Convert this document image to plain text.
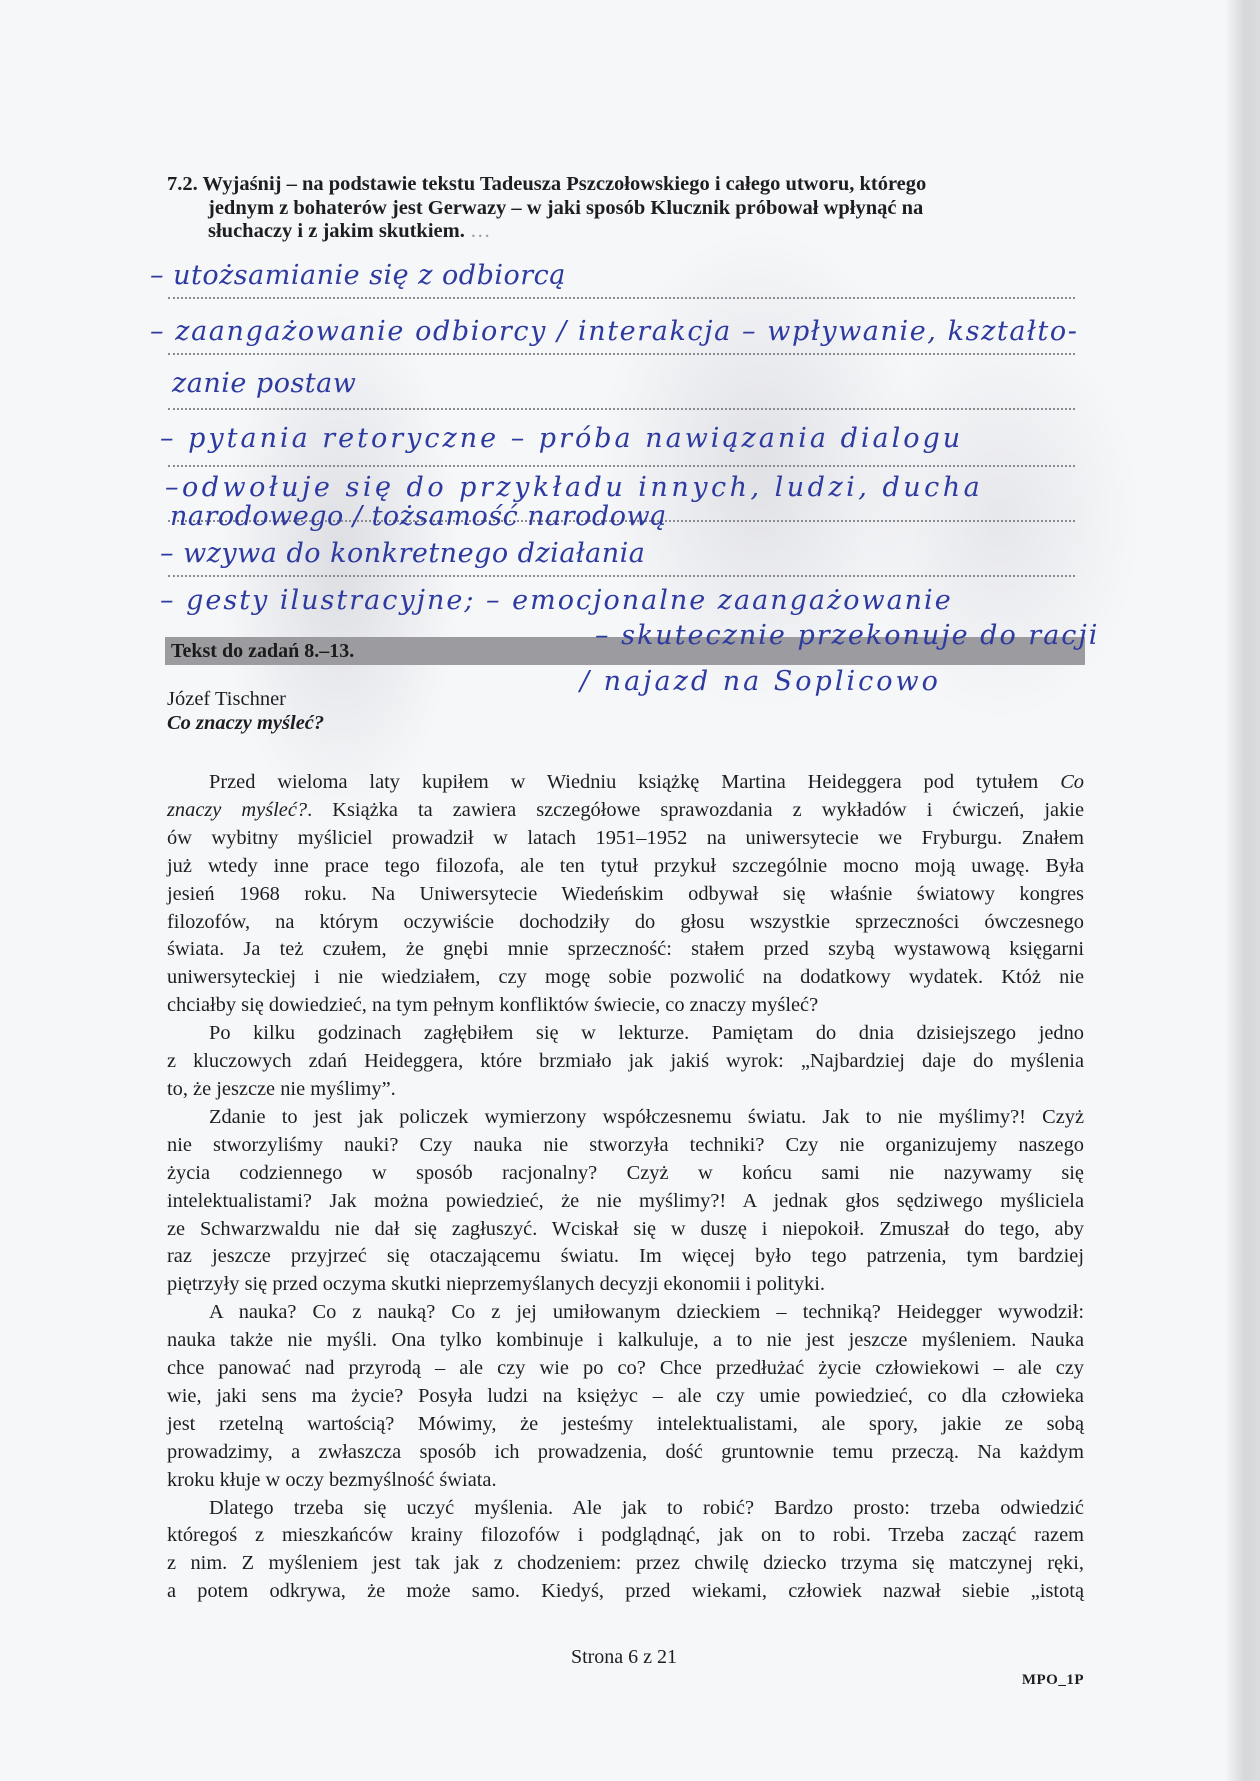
7.2. Wyjaśnij – na podstawie tekstu Tadeusza Pszczołowskiego i całego utworu, którego
jednym z bohaterów jest Gerwazy – w jaki sposób Klucznik próbował wpłynąć na
słuchaczy i z jakim skutkiem. …
– utożsamianie się z odbiorcą
– zaangażowanie odbiorcy / interakcja – wpływanie, kształto-
zanie postaw
– pytania retoryczne – próba nawiązania dialogu
–odwołuje się do przykładu innych, ludzi, ducha
narodowego / tożsamość narodową
– wzywa do konkretnego działania
– gesty ilustracyjne; – emocjonalne zaangażowanie
– skutecznie przekonuje do racji
/ najazd na Soplicowo
Tekst do zadań 8.–13.
Józef Tischner
Co znaczy myśleć?
Przed wieloma laty kupiłem w Wiedniu książkę Martina Heideggera pod tytułem Co
znaczy myśleć?. Książka ta zawiera szczegółowe sprawozdania z wykładów i ćwiczeń, jakie
ów wybitny myśliciel prowadził w latach 1951–1952 na uniwersytecie we Fryburgu. Znałem
już wtedy inne prace tego filozofa, ale ten tytuł przykuł szczególnie mocno moją uwagę. Była
jesień 1968 roku. Na Uniwersytecie Wiedeńskim odbywał się właśnie światowy kongres
filozofów, na którym oczywiście dochodziły do głosu wszystkie sprzeczności ówczesnego
świata. Ja też czułem, że gnębi mnie sprzeczność: stałem przed szybą wystawową księgarni
uniwersyteckiej i nie wiedziałem, czy mogę sobie pozwolić na dodatkowy wydatek. Któż nie
chciałby się dowiedzieć, na tym pełnym konfliktów świecie, co znaczy myśleć?
Po kilku godzinach zagłębiłem się w lekturze. Pamiętam do dnia dzisiejszego jedno
z kluczowych zdań Heideggera, które brzmiało jak jakiś wyrok: „Najbardziej daje do myślenia
to, że jeszcze nie myślimy”.
Zdanie to jest jak policzek wymierzony współczesnemu światu. Jak to nie myślimy?! Czyż
nie stworzyliśmy nauki? Czy nauka nie stworzyła techniki? Czy nie organizujemy naszego
życia codziennego w sposób racjonalny? Czyż w końcu sami nie nazywamy się
intelektualistami? Jak można powiedzieć, że nie myślimy?! A jednak głos sędziwego myśliciela
ze Schwarzwaldu nie dał się zagłuszyć. Wciskał się w duszę i niepokoił. Zmuszał do tego, aby
raz jeszcze przyjrzeć się otaczającemu światu. Im więcej było tego patrzenia, tym bardziej
piętrzyły się przed oczyma skutki nieprzemyślanych decyzji ekonomii i polityki.
A nauka? Co z nauką? Co z jej umiłowanym dzieckiem – techniką? Heidegger wywodził:
nauka także nie myśli. Ona tylko kombinuje i kalkuluje, a to nie jest jeszcze myśleniem. Nauka
chce panować nad przyrodą – ale czy wie po co? Chce przedłużać życie człowiekowi – ale czy
wie, jaki sens ma życie? Posyła ludzi na księżyc – ale czy umie powiedzieć, co dla człowieka
jest rzetelną wartością? Mówimy, że jesteśmy intelektualistami, ale spory, jakie ze sobą
prowadzimy, a zwłaszcza sposób ich prowadzenia, dość gruntownie temu przeczą. Na każdym
kroku kłuje w oczy bezmyślność świata.
Dlatego trzeba się uczyć myślenia. Ale jak to robić? Bardzo prosto: trzeba odwiedzić
któregoś z mieszkańców krainy filozofów i podglądnąć, jak on to robi. Trzeba zacząć razem
z nim. Z myśleniem jest tak jak z chodzeniem: przez chwilę dziecko trzyma się matczynej ręki,
a potem odkrywa, że może samo. Kiedyś, przed wiekami, człowiek nazwał siebie „istotą
Strona 6 z 21
MPO_1P
